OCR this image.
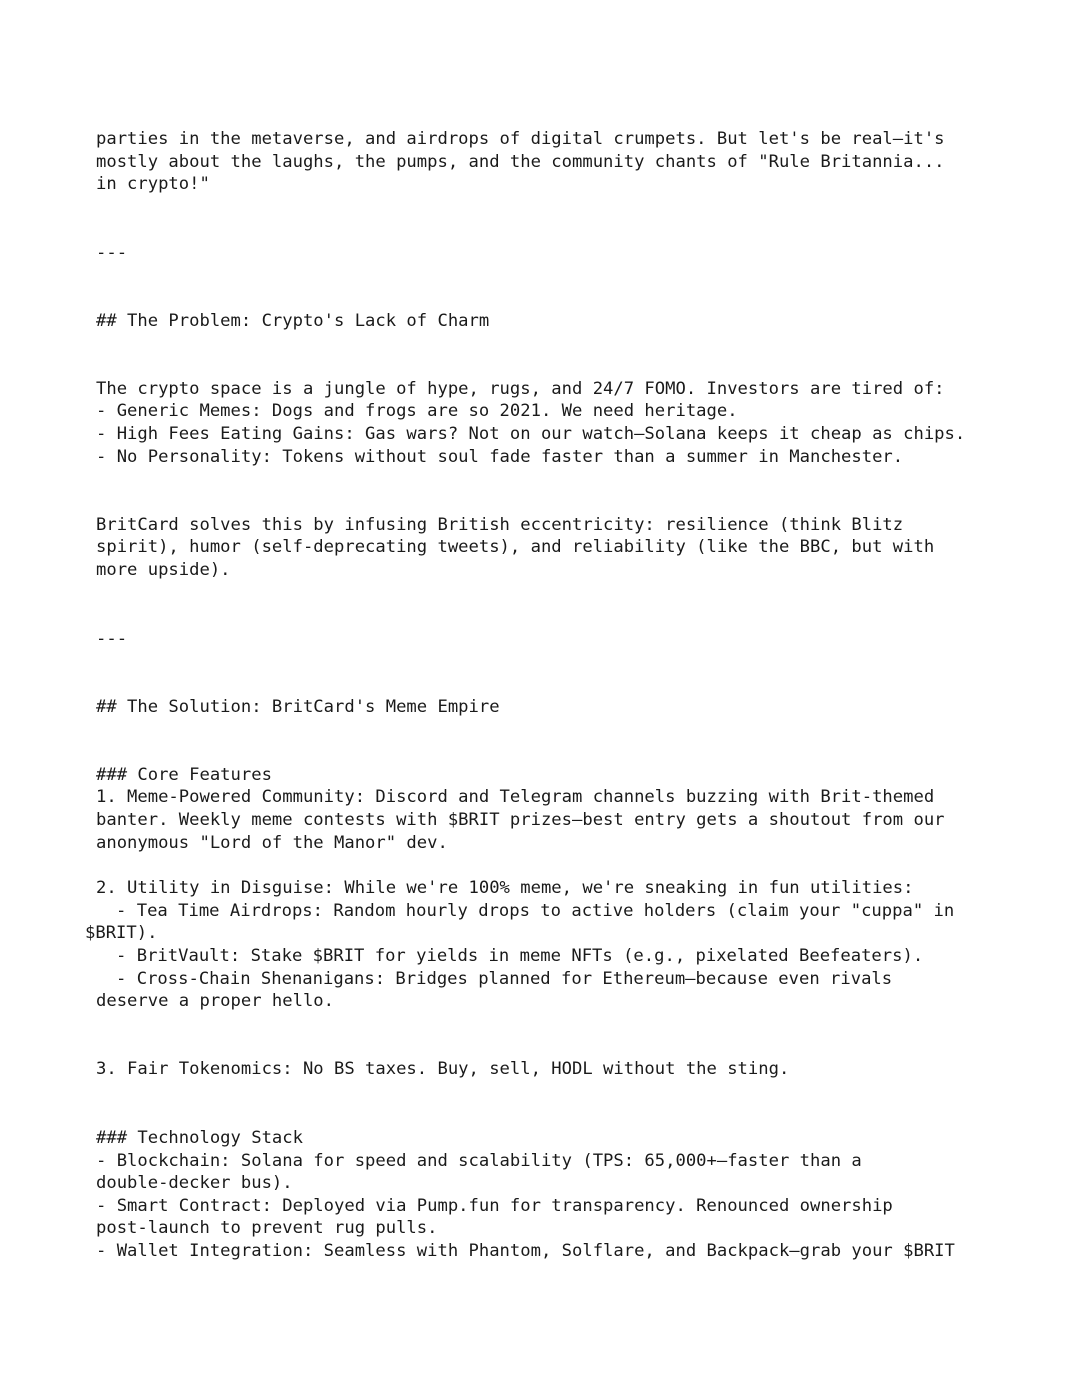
parties in the metaverse, and airdrops of digital crumpets. But let's be real—it's
mostly about the laughs, the pumps, and the community chants of "Rule Britannia...
in crypto!"
---
## The Problem: Crypto's Lack of Charm
The crypto space is a jungle of hype, rugs, and 24/7 FOMO. Investors are tired of:
- Generic Memes: Dogs and frogs are so 2021. We need heritage.
- High Fees Eating Gains: Gas wars? Not on our watch—Solana keeps it cheap as chips.
- No Personality: Tokens without soul fade faster than a summer in Manchester.
BritCard solves this by infusing British eccentricity: resilience (think Blitz
spirit), humor (self-deprecating tweets), and reliability (like the BBC, but with
more upside).
---
## The Solution: BritCard's Meme Empire
### Core Features
1. Meme-Powered Community: Discord and Telegram channels buzzing with Brit-themed
banter. Weekly meme contests with $BRIT prizes—best entry gets a shoutout from our
anonymous "Lord of the Manor" dev.
2. Utility in Disguise: While we're 100% meme, we're sneaking in fun utilities:
- Tea Time Airdrops: Random hourly drops to active holders (claim your "cuppa" in
$BRIT).
- BritVault: Stake $BRIT for yields in meme NFTs (e.g., pixelated Beefeaters).
- Cross-Chain Shenanigans: Bridges planned for Ethereum—because even rivals
deserve a proper hello.
3. Fair Tokenomics: No BS taxes. Buy, sell, HODL without the sting.
### Technology Stack
- Blockchain: Solana for speed and scalability (TPS: 65,000+—faster than a
double-decker bus).
- Smart Contract: Deployed via Pump.fun for transparency. Renounced ownership
post-launch to prevent rug pulls.
- Wallet Integration: Seamless with Phantom, Solflare, and Backpack—grab your $BRIT
